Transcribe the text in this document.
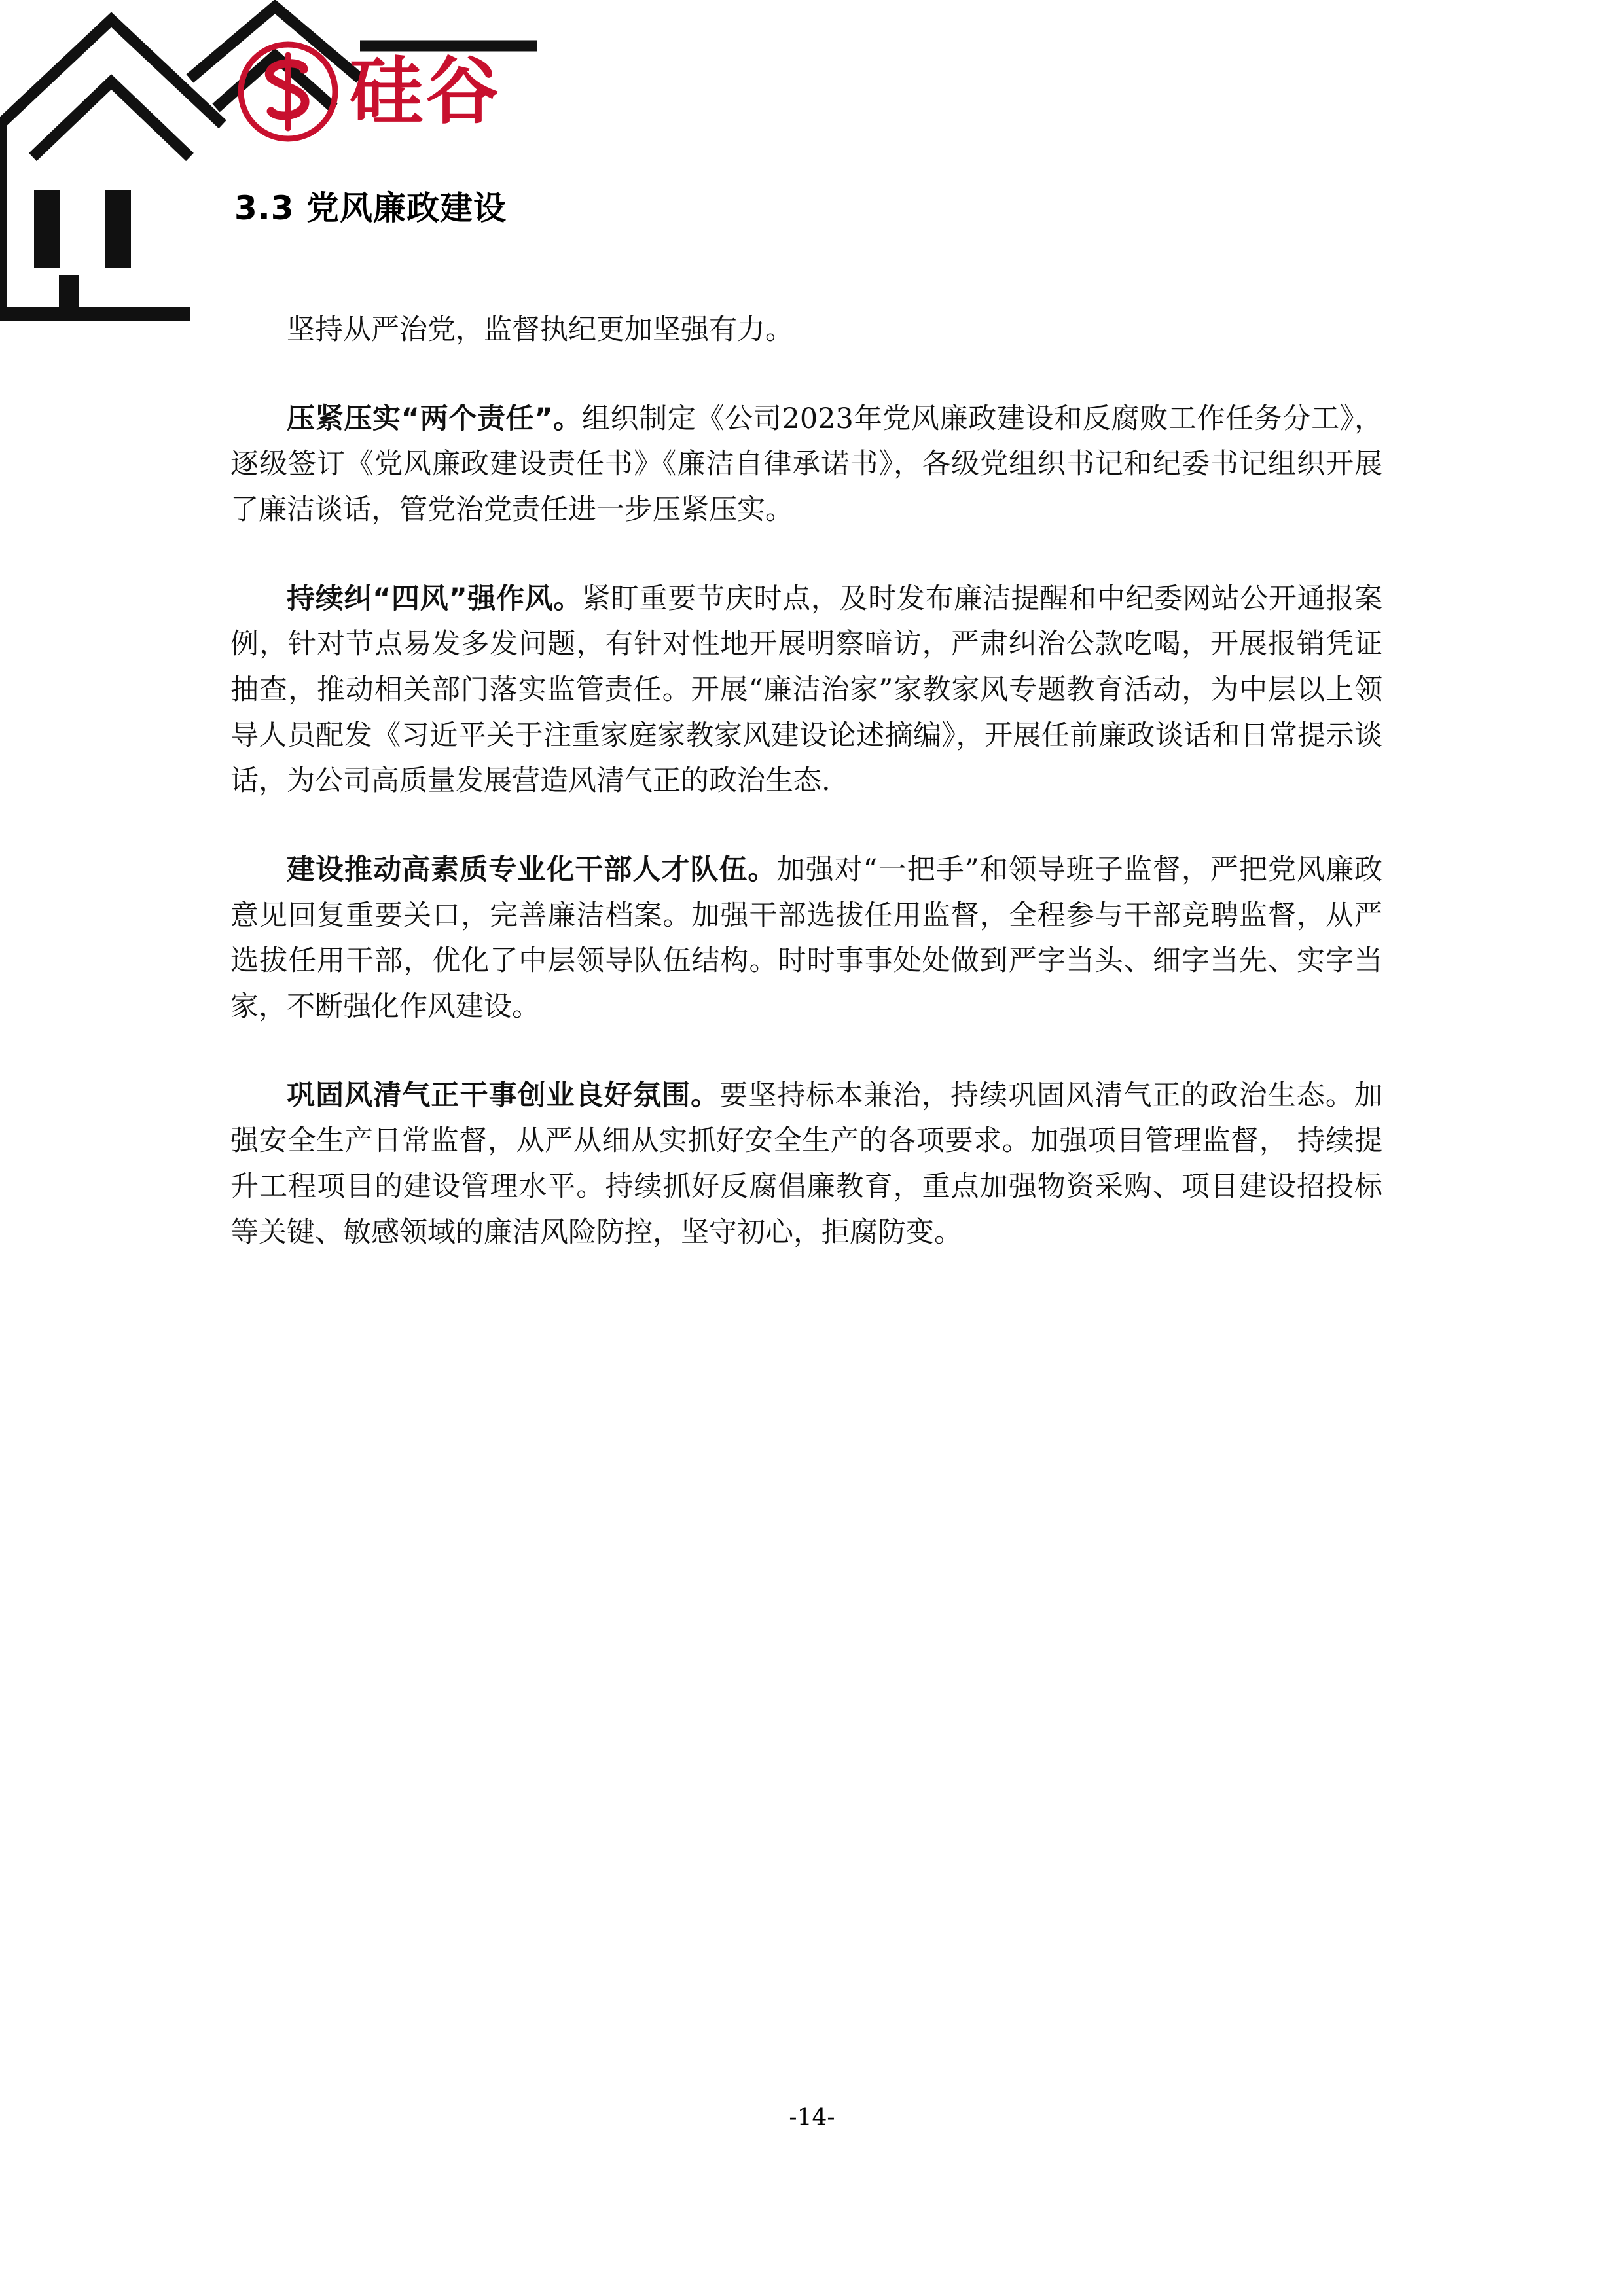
硅谷
3.3 党风廉政建设

坚持从严治党，监督执纪更加坚强有力。

压紧压实“两个责任”。组织制定《公司2023年党风廉政建设和反腐败工作任务分工》，逐级签订《党风廉政建设责任书》《廉洁自律承诺书》，各级党组织书记和纪委书记组织开展了廉洁谈话，管党治党责任进一步压紧压实。

持续纠“四风”强作风。紧盯重要节庆时点，及时发布廉洁提醒和中纪委网站公开通报案例，针对节点易发多发问题，有针对性地开展明察暗访，严肃纠治公款吃喝，开展报销凭证抽查，推动相关部门落实监管责任。开展“廉洁治家”家教家风专题教育活动，为中层以上领导人员配发《习近平关于注重家庭家教家风建设论述摘编》，开展任前廉政谈话和日常提示谈话，为公司高质量发展营造风清气正的政治生态.

建设推动高素质专业化干部人才队伍。加强对“一把手”和领导班子监督，严把党风廉政意见回复重要关口，完善廉洁档案。加强干部选拔任用监督，全程参与干部竞聘监督，从严选拔任用干部，优化了中层领导队伍结构。时时事事处处做到严字当头、细字当先、实字当家，不断强化作风建设。

巩固风清气正干事创业良好氛围。要坚持标本兼治，持续巩固风清气正的政治生态。加强安全生产日常监督，从严从细从实抓好安全生产的各项要求。加强项目管理监督， 持续提升工程项目的建设管理水平。持续抓好反腐倡廉教育，重点加强物资采购、项目建设招投标等关键、敏感领域的廉洁风险防控，坚守初心，拒腐防变。

-14-
